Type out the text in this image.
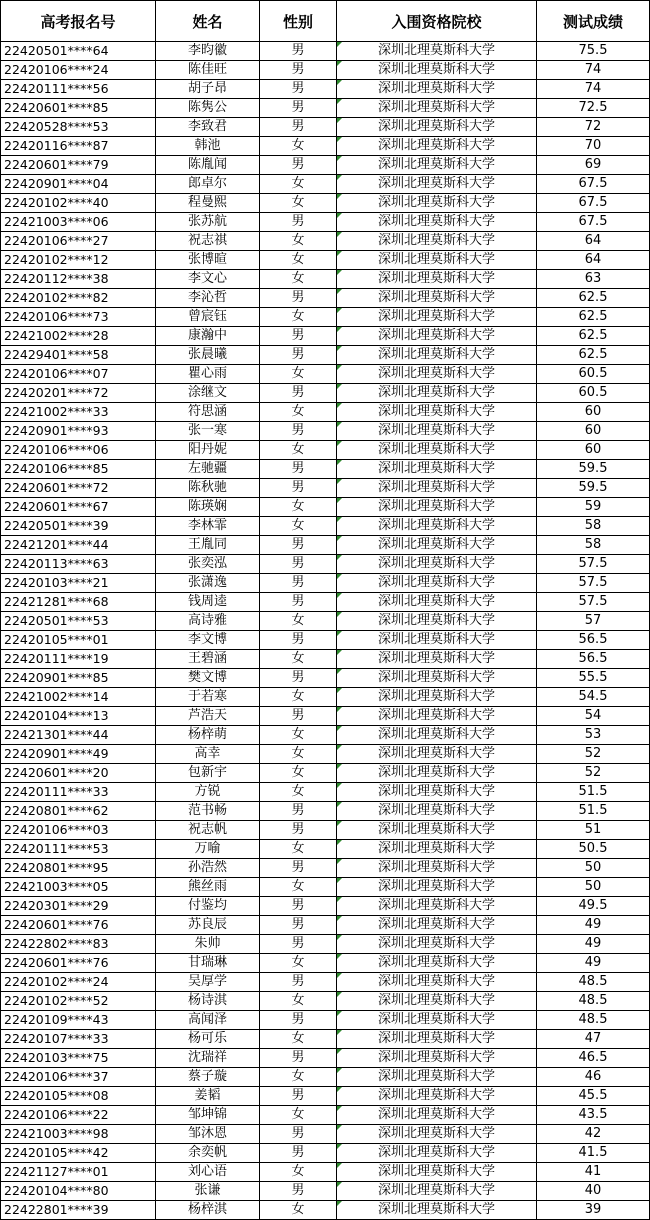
高考报名号	姓名	性别	入围资格院校	测试成绩
22420501****64	李昀徽	男	深圳北理莫斯科大学	75.5
22420106****24	陈佳旺	男	深圳北理莫斯科大学	74
22420111****56	胡子昂	男	深圳北理莫斯科大学	74
22420601****85	陈隽公	男	深圳北理莫斯科大学	72.5
22420528****53	李致君	男	深圳北理莫斯科大学	72
22420116****87	韩池	女	深圳北理莫斯科大学	70
22420601****79	陈胤闻	男	深圳北理莫斯科大学	69
22420901****04	郎卓尔	女	深圳北理莫斯科大学	67.5
22420102****40	程曼熙	女	深圳北理莫斯科大学	67.5
22421003****06	张苏航	男	深圳北理莫斯科大学	67.5
22420106****27	祝志祺	女	深圳北理莫斯科大学	64
22420102****12	张博暄	女	深圳北理莫斯科大学	64
22420112****38	李文心	女	深圳北理莫斯科大学	63
22420102****82	李沁哲	男	深圳北理莫斯科大学	62.5
22420106****73	曾宸钰	女	深圳北理莫斯科大学	62.5
22421002****28	康瀚中	男	深圳北理莫斯科大学	62.5
22429401****58	张晨曦	男	深圳北理莫斯科大学	62.5
22420106****07	瞿心雨	女	深圳北理莫斯科大学	60.5
22420201****72	涂继文	男	深圳北理莫斯科大学	60.5
22421002****33	符思涵	女	深圳北理莫斯科大学	60
22420901****93	张一寒	男	深圳北理莫斯科大学	60
22420106****06	阳丹妮	女	深圳北理莫斯科大学	60
22420106****85	左驰疆	男	深圳北理莫斯科大学	59.5
22420601****72	陈秋驰	男	深圳北理莫斯科大学	59.5
22420601****67	陈瑛娴	女	深圳北理莫斯科大学	59
22420501****39	李林霏	女	深圳北理莫斯科大学	58
22421201****44	王胤同	男	深圳北理莫斯科大学	58
22420113****63	张奕泓	男	深圳北理莫斯科大学	57.5
22420103****21	张潇逸	男	深圳北理莫斯科大学	57.5
22421281****68	钱周逵	男	深圳北理莫斯科大学	57.5
22420501****53	高诗雅	女	深圳北理莫斯科大学	57
22420105****01	李文博	男	深圳北理莫斯科大学	56.5
22420111****19	王碧涵	女	深圳北理莫斯科大学	56.5
22420901****85	樊文博	男	深圳北理莫斯科大学	55.5
22421002****14	于若寒	女	深圳北理莫斯科大学	54.5
22420104****13	芦浩天	男	深圳北理莫斯科大学	54
22421301****44	杨梓萌	女	深圳北理莫斯科大学	53
22420901****49	高幸	女	深圳北理莫斯科大学	52
22420601****20	包新宇	女	深圳北理莫斯科大学	52
22420111****33	方锐	女	深圳北理莫斯科大学	51.5
22420801****62	范书畅	男	深圳北理莫斯科大学	51.5
22420106****03	祝志帆	男	深圳北理莫斯科大学	51
22420111****53	万喻	女	深圳北理莫斯科大学	50.5
22420801****95	孙浩然	男	深圳北理莫斯科大学	50
22421003****05	熊丝雨	女	深圳北理莫斯科大学	50
22420301****29	付鉴均	男	深圳北理莫斯科大学	49.5
22420601****76	苏良辰	男	深圳北理莫斯科大学	49
22422802****83	朱帅	男	深圳北理莫斯科大学	49
22420601****76	甘瑞琳	女	深圳北理莫斯科大学	49
22420102****24	吴厚学	男	深圳北理莫斯科大学	48.5
22420102****52	杨诗淇	女	深圳北理莫斯科大学	48.5
22420109****43	高闻泽	男	深圳北理莫斯科大学	48.5
22420107****33	杨可乐	女	深圳北理莫斯科大学	47
22420103****75	沈瑞祥	男	深圳北理莫斯科大学	46.5
22420106****37	蔡子璇	女	深圳北理莫斯科大学	46
22420105****08	姜韬	男	深圳北理莫斯科大学	45.5
22420106****22	邹坤锦	女	深圳北理莫斯科大学	43.5
22421003****98	邹沐恩	男	深圳北理莫斯科大学	42
22420105****42	余奕帆	男	深圳北理莫斯科大学	41.5
22421127****01	刘心语	女	深圳北理莫斯科大学	41
22420104****80	张谦	男	深圳北理莫斯科大学	40
22422801****39	杨梓淇	女	深圳北理莫斯科大学	39
